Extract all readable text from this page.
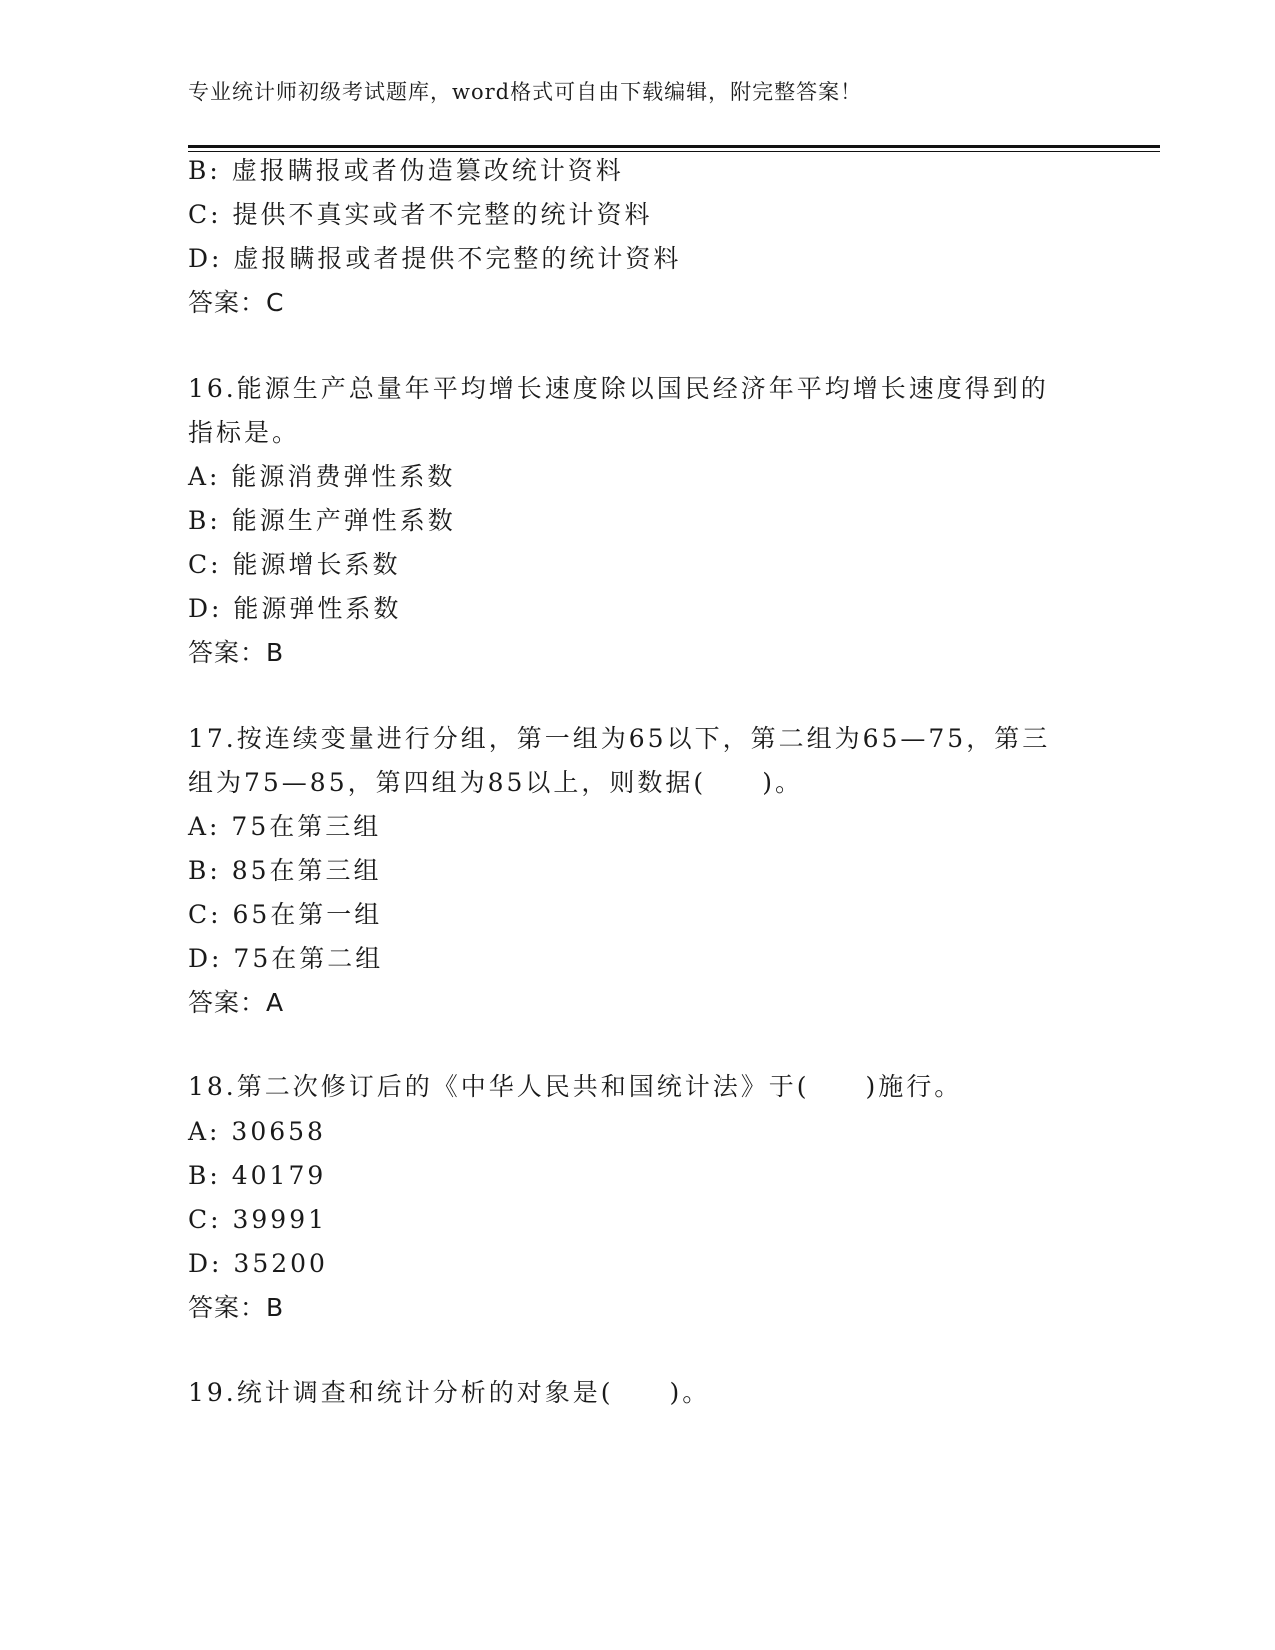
专业统计师初级考试题库，word格式可自由下载编辑，附完整答案！
B: 虚报瞒报或者伪造篡改统计资料
C: 提供不真实或者不完整的统计资料
D: 虚报瞒报或者提供不完整的统计资料
答案：C
16.能源生产总量年平均增长速度除以国民经济年平均增长速度得到的
指标是。
A: 能源消费弹性系数
B: 能源生产弹性系数
C: 能源增长系数
D: 能源弹性系数
答案：B
17.按连续变量进行分组，第一组为65以下，第二组为65—75，第三
组为75—85，第四组为85以上，则数据(　　)。
A: 75在第三组
B: 85在第三组
C: 65在第一组
D: 75在第二组
答案：A
18.第二次修订后的《中华人民共和国统计法》于(　　)施行。
A: 30658
B: 40179
C: 39991
D: 35200
答案：B
19.统计调查和统计分析的对象是(　　)。
